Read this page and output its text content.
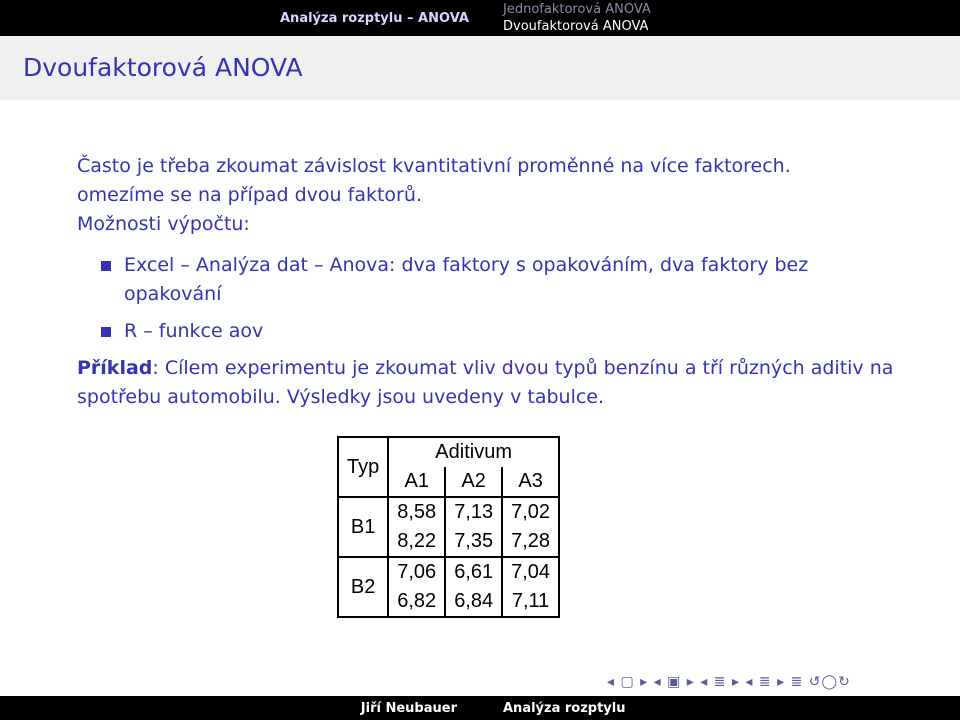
Analýza rozptylu – ANOVA
Jednofaktorová ANOVA
Dvoufaktorová ANOVA
Dvoufaktorová ANOVA

Často je třeba zkoumat závislost kvantitativní proměnné na více faktorech.

omezíme se na případ dvou faktorů.

Možnosti výpočtu:

Excel – Analýza dat – Anova: dva faktory s opakováním, dva faktory bez opakování
R – funkce aov

Příklad: Cílem experimentu je zkoumat vliv dvou typů benzínu a tří různých aditiv na spotřebu automobilu. Výsledky jsou uvedeny v tabulce.

Typ	Aditivum		
	A1	A2	A3
B1	8,58	7,13	7,02
	8,22	7,35	7,28
B2	7,06	6,61	7,04
	6,82	6,84	7,11
◂ ▢ ▸ ◂ ▣ ▸ ◂ ≣ ▸ ◂ ≣ ▸ ≣ ↺◯↻
Jiří Neubauer	Analýza rozptylu
